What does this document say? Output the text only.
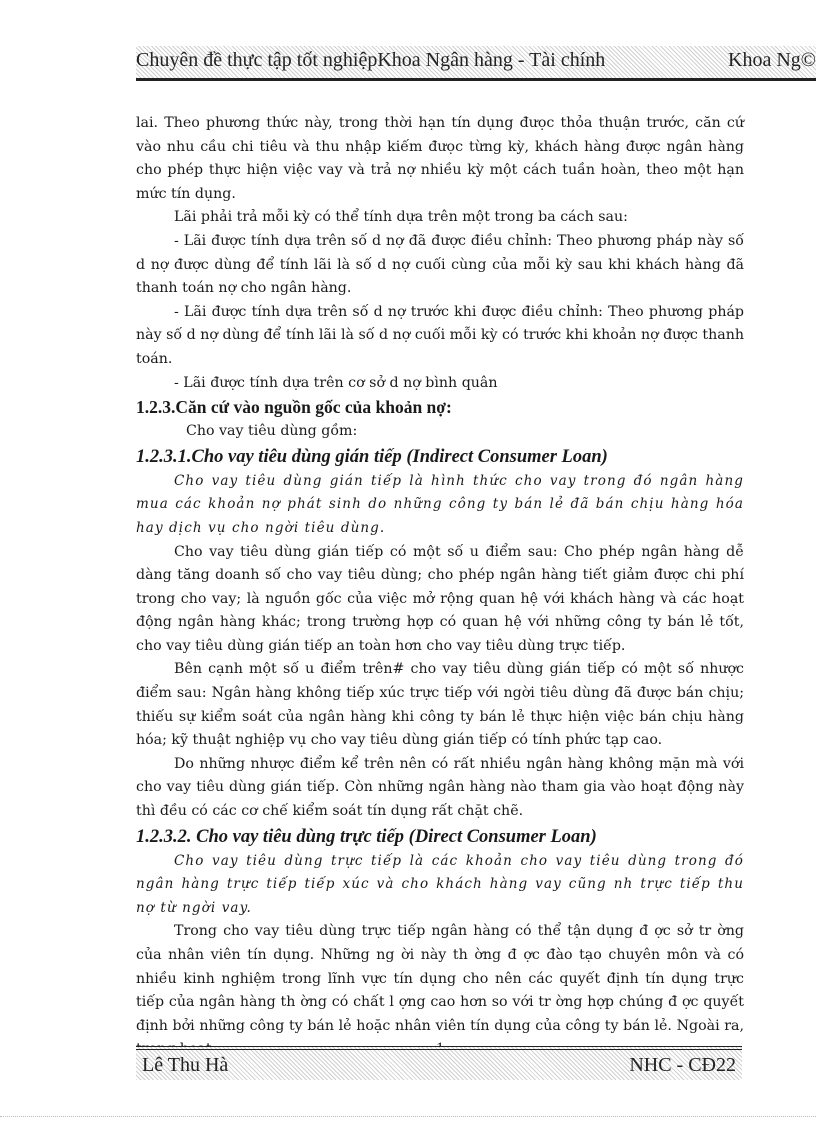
Chuyên đề thực tập tốt nghiệpKhoa Ngân hàng - Tài chính	Khoa Ng©

lai. Theo phương thức này, trong thời hạn tín dụng đưọc thỏa thuận trước, căn cứ vào nhu cầu chi tiêu và thu nhập kiếm đưọc từng kỳ, khách hàng được ngân hàng cho phép thực hiện việc vay và trả nợ nhiều kỳ một cách tuần hoàn, theo một hạn mức tín dụng.

Lãi phải trả mỗi kỳ có thể tính dựa trên một trong ba cách sau:

- Lãi được tính dựa trên số d nợ đã được điều chỉnh: Theo phương pháp này số d nợ được dùng để tính lãi là số d nợ cuối cùng của mỗi kỳ sau khi khách hàng đã thanh toán nợ cho ngân hàng.

- Lãi được tính dựa trên số d nợ trước khi được điều chỉnh: Theo phương pháp này số d nợ dùng để tính lãi là số d nợ cuối mỗi kỳ có trước khi khoản nợ được thanh toán.

- Lãi được tính dựa trên cơ sở d nợ bình quân

1.2.3.Căn cứ vào nguồn gốc của khoản nợ:

Cho vay tiêu dùng gồm:

1.2.3.1.Cho vay tiêu dùng gián tiếp (Indirect Consumer Loan)

Cho vay tiêu dùng gián tiếp là hình thức cho vay trong đó ngân hàng mua các khoản nợ phát sinh do những công ty bán lẻ đã bán chịu hàng hóa hay dịch vụ cho ngời tiêu dùng.

Cho vay tiêu dùng gián tiếp có một số u điểm sau: Cho phép ngân hàng dễ dàng tăng doanh số cho vay tiêu dùng; cho phép ngân hàng tiết giảm được chi phí trong cho vay; là nguồn gốc của việc mở rộng quan hệ với khách hàng và các hoạt động ngân hàng khác; trong trường hợp có quan hệ với những công ty bán lẻ tốt, cho vay tiêu dùng gián tiếp an toàn hơn cho vay tiêu dùng trực tiếp.

Bên cạnh một số u điểm trên# cho vay tiêu dùng gián tiếp có một số nhược điểm sau: Ngân hàng không tiếp xúc trực tiếp với ngời tiêu dùng đã được bán chịu; thiếu sự kiểm soát của ngân hàng khi công ty bán lẻ thực hiện việc bán chịu hàng hóa; kỹ thuật nghiệp vụ cho vay tiêu dùng gián tiếp có tính phức tạp cao.

Do những nhược điểm kể trên nên có rất nhiều ngân hàng không mặn mà với cho vay tiêu dùng gián tiếp. Còn những ngân hàng nào tham gia vào hoạt động này thì đều có các cơ chế kiểm soát tín dụng rất chặt chẽ.

1.2.3.2. Cho vay tiêu dùng trực tiếp (Direct Consumer Loan)

Cho vay tiêu dùng trực tiếp là các khoản cho vay tiêu dùng trong đó ngân hàng trực tiếp tiếp xúc và cho khách hàng vay cũng nh trực tiếp thu nợ từ ngời vay.

Trong cho vay tiêu dùng trực tiếp ngân hàng có thể tận dụng đ ợc sở tr ờng của nhân viên tín dụng. Những ng ời này th ờng đ ợc đào tạo chuyên môn và có nhiều kinh nghiệm trong lĩnh vực tín dụng cho nên các quyết định tín dụng trực tiếp của ngân hàng th ờng có chất l ợng cao hơn so với tr ờng hợp chúng đ ợc quyết định bởi những công ty bán lẻ hoặc nhân viên tín dụng của công ty bán lẻ. Ngoài ra,

Lê Thu Hà	NHC - CĐ22
